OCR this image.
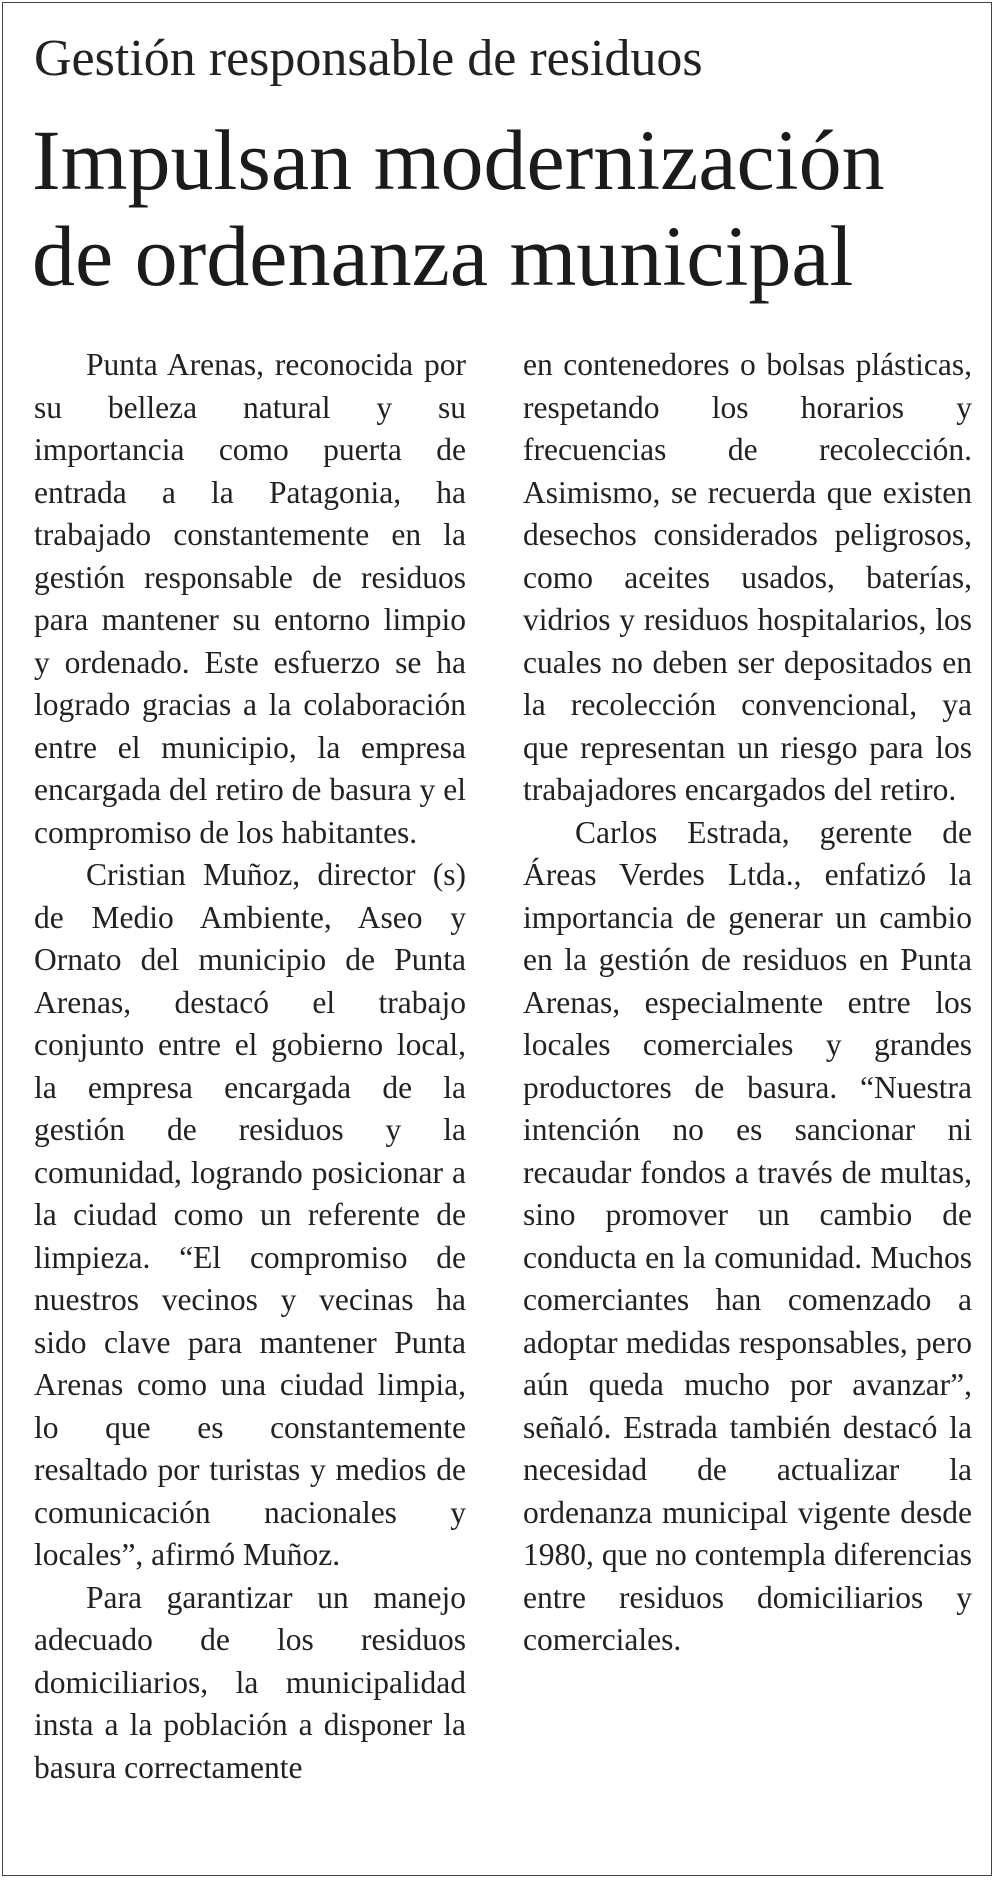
Gestión responsable de residuos
Impulsan modernización
de ordenanza municipal

Punta Arenas, reconocida por su belleza natural y su importancia como puerta de entrada a la Patagonia, ha trabajado constantemente en la gestión responsable de residuos para mantener su entorno limpio y ordenado. Este esfuerzo se ha logrado gracias a la colaboración entre el municipio, la empresa encargada del retiro de basura y el compromiso de los habitantes.

Cristian Muñoz, director (s) de Medio Ambiente, Aseo y Ornato del municipio de Punta Arenas, destacó el trabajo conjunto entre el gobierno local, la empresa encargada de la gestión de residuos y la comunidad, logrando posicionar a la ciudad como un referente de limpieza. “El compromiso de nuestros vecinos y vecinas ha sido clave para mantener Punta Arenas como una ciudad limpia, lo que es constantemente resaltado por turistas y medios de comunicación nacionales y locales”, afirmó Muñoz.

Para garantizar un manejo adecuado de los residuos domiciliarios, la municipalidad insta a la población a disponer la basura correctamente

en contenedores o bolsas plásticas, respetando los horarios y frecuencias de recolección. Asimismo, se recuerda que existen desechos considerados peligrosos, como aceites usados, baterías, vidrios y residuos hospitalarios, los cuales no deben ser depositados en la recolección convencional, ya que representan un riesgo para los trabajadores encargados del retiro.

Carlos Estrada, gerente de Áreas Verdes Ltda., enfatizó la importancia de generar un cambio en la gestión de residuos en Punta Arenas, especialmente entre los locales comerciales y grandes productores de basura. “Nuestra intención no es sancionar ni recaudar fondos a través de multas, sino promover un cambio de conducta en la comunidad. Muchos comerciantes han comenzado a adoptar medidas responsables, pero aún queda mucho por avanzar”, señaló. Estrada también destacó la necesidad de actualizar la ordenanza municipal vigente desde 1980, que no contempla diferencias entre residuos domiciliarios y comerciales.
